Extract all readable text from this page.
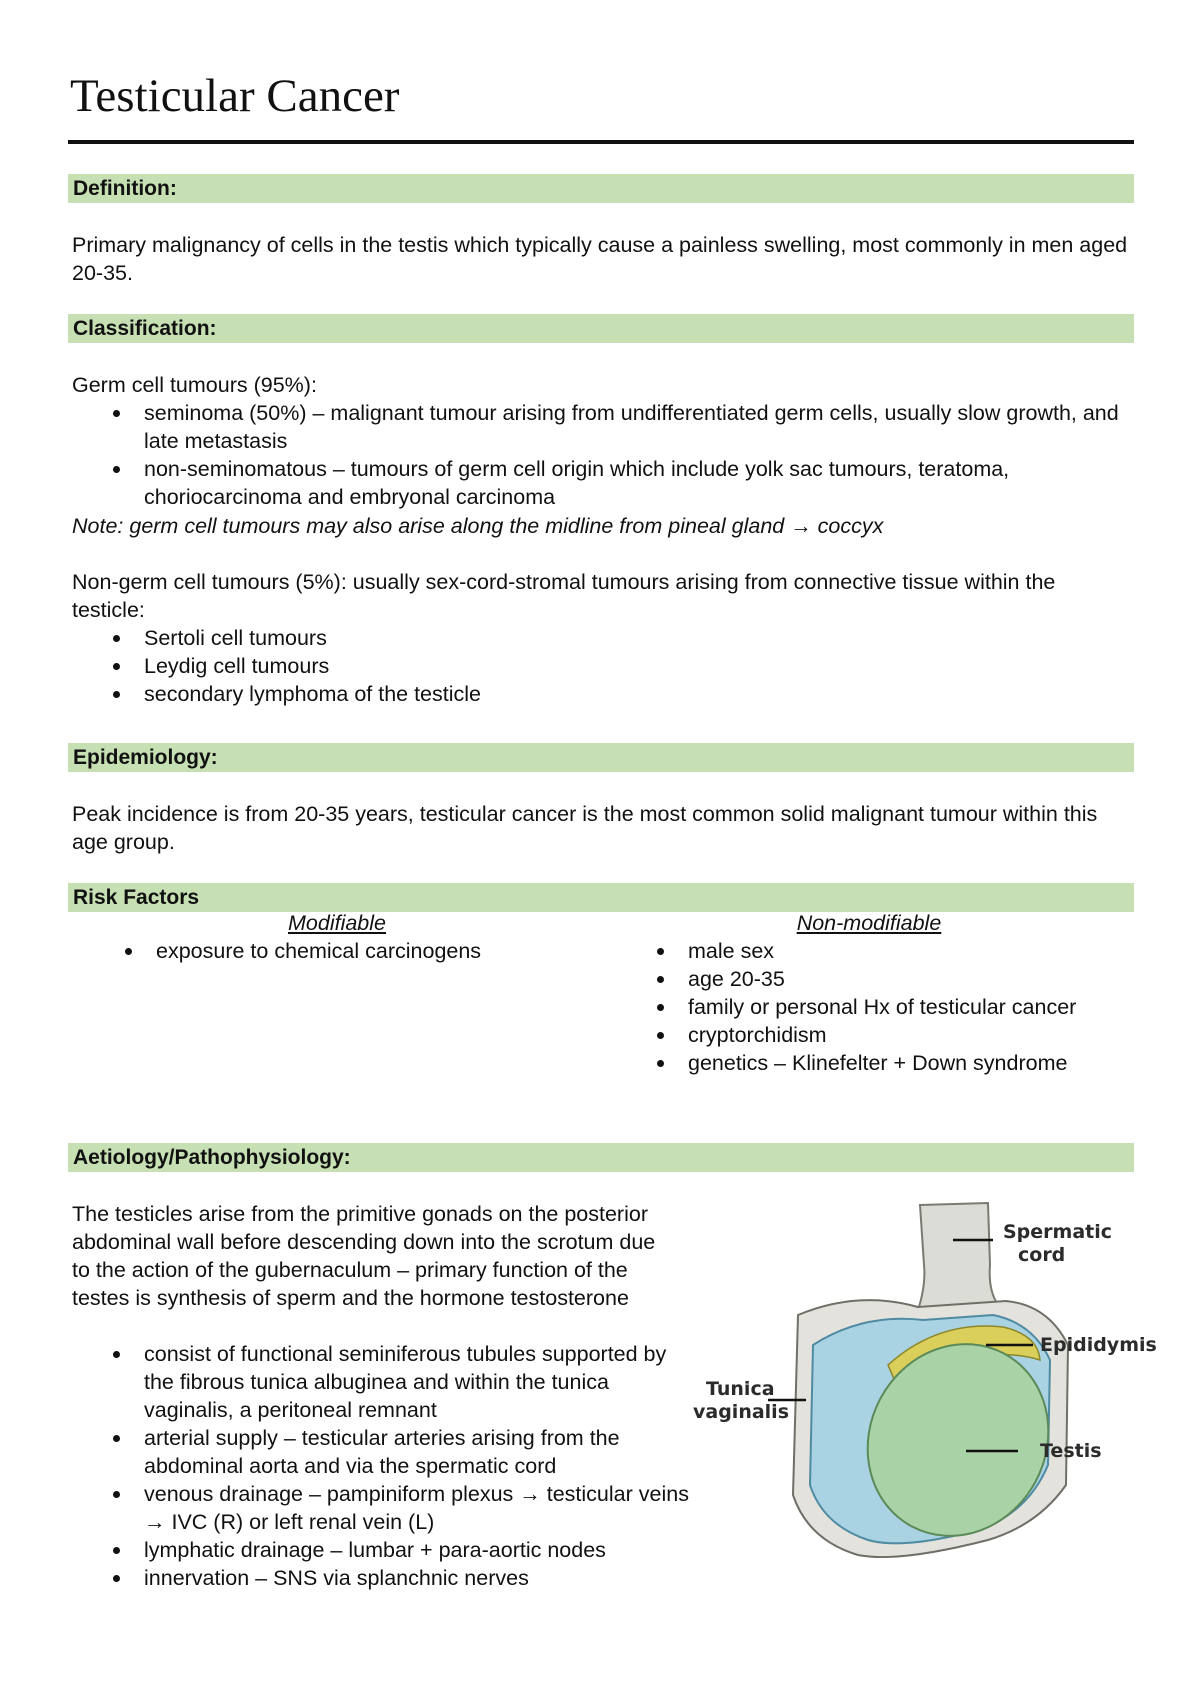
Testicular Cancer
Definition:

Primary malignancy of cells in the testis which typically cause a painless swelling, most commonly in men aged 20-35.

Classification:

Germ cell tumours (95%):

seminoma (50%) – malignant tumour arising from undifferentiated germ cells, usually slow growth, and late metastasis
non-seminomatous – tumours of germ cell origin which include yolk sac tumours, teratoma, choriocarcinoma and embryonal carcinoma

Note: germ cell tumours may also arise along the midline from pineal gland → coccyx

Non-germ cell tumours (5%): usually sex-cord-stromal tumours arising from connective tissue within the testicle:

Sertoli cell tumours
Leydig cell tumours
secondary lymphoma of the testicle
Epidemiology:

Peak incidence is from 20-35 years, testicular cancer is the most common solid malignant tumour within this age group.

Risk Factors
Modifiable	Non-modifiable
exposure to chemical carcinogens	male sex
age 20-35
family or personal Hx of testicular cancer
cryptorchidism
genetics – Klinefelter + Down syndrome
Aetiology/Pathophysiology:

The testicles arise from the primitive gonads on the posterior abdominal wall before descending down into the scrotum due to the action of the gubernaculum – primary function of the testes is synthesis of sperm and the hormone testosterone

consist of functional seminiferous tubules supported by the fibrous tunica albuginea and within the tunica vaginalis, a peritoneal remnant
arterial supply – testicular arteries arising from the abdominal aorta and via the spermatic cord
venous drainage – pampiniform plexus → testicular veins → IVC (R) or left renal vein (L)
lymphatic drainage – lumbar + para-aortic nodes
innervation – SNS via splanchnic nerves
Spermatic
cord
Epididymis
Tunica
vaginalis
Testis
